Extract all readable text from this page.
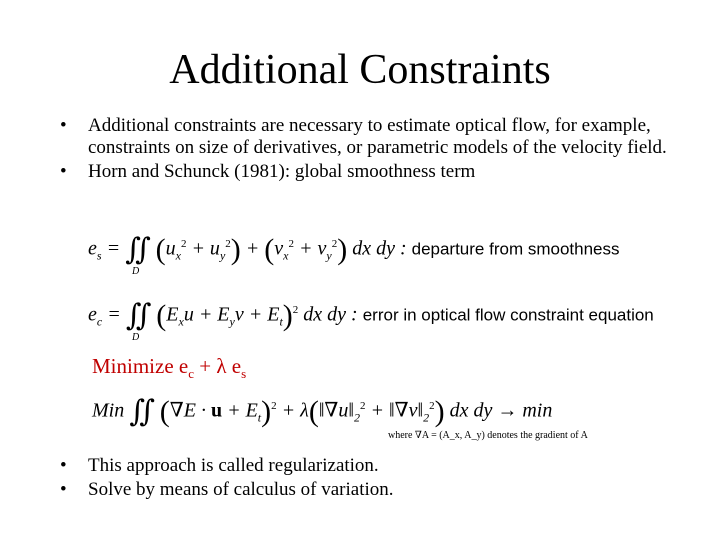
Additional Constraints
• Additional constraints are necessary to estimate optical flow, for example, constraints on size of derivatives, or parametric models of the velocity field.
• Horn and Schunck (1981): global smoothness term
$e_s$ = ∬ $(u_x^2 + u_y^2) + (v_x^2 + v_y^2)$ dx dy : departure from smoothness
D
$e_c$ = ∬ $(E_xu + E_yv + E_t)^2$ dx dy : error in optical flow constraint equation
D
Minimize $e_c + \lambda$ $e_s$
Min ∬ $(\nabla E \cdot u + E_t)^2$ + $\lambda(‖\nabla u‖_2^2$ + $‖\nabla v‖_2^2$) dx dy → min
where ∇A = (A_x, A_y) denotes the gradient of A
• This approach is called regularization.
• Solve by means of calculus of variation.
